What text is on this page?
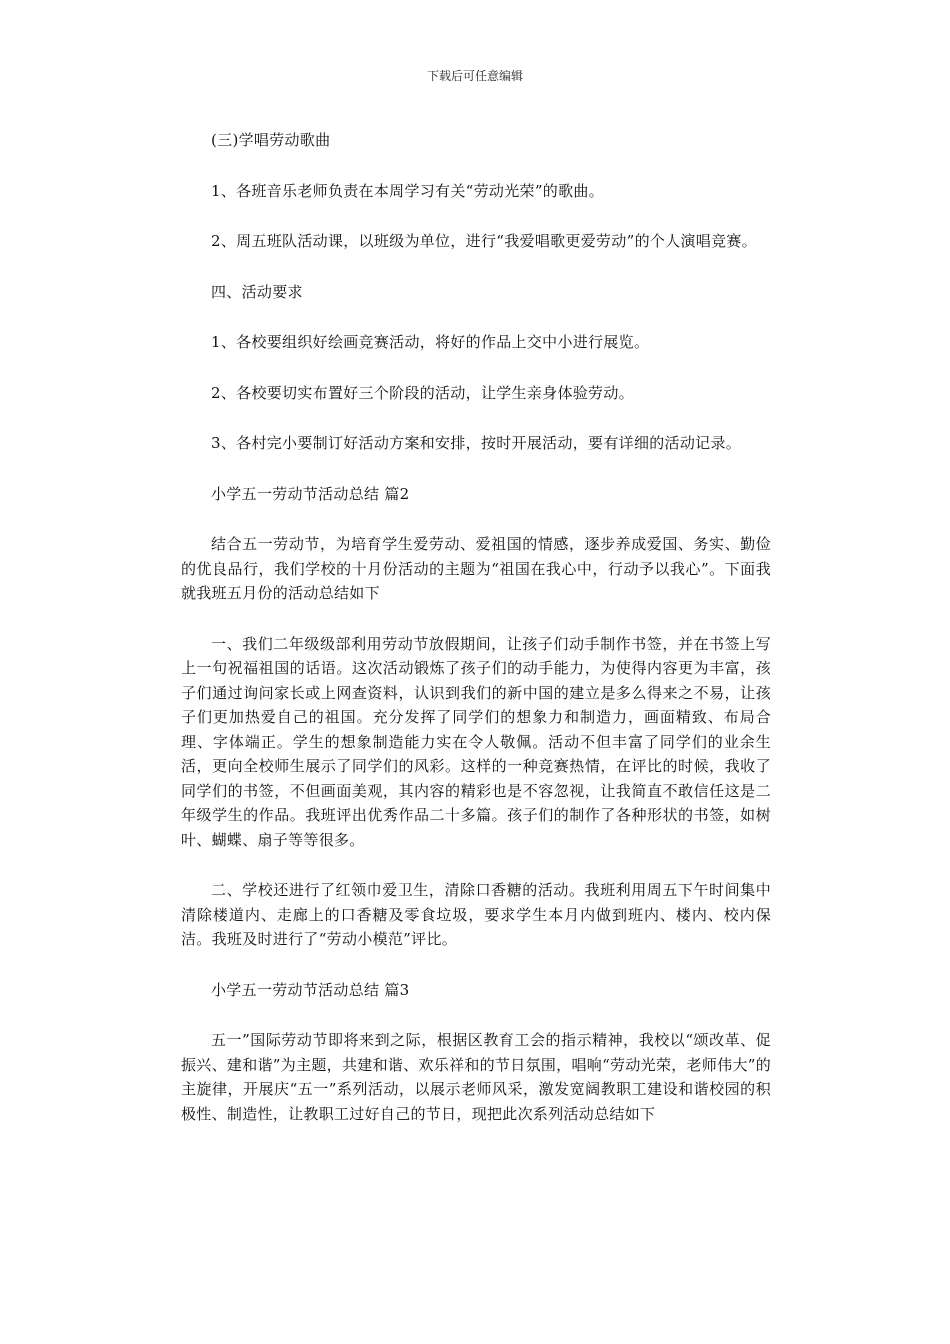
下载后可任意编辑

(三)学唱劳动歌曲

1、各班音乐老师负责在本周学习有关“劳动光荣”的歌曲。

2、周五班队活动课，以班级为单位，进行“我爱唱歌更爱劳动”的个人演唱竞赛。

四、活动要求

1、各校要组织好绘画竞赛活动，将好的作品上交中小进行展览。

2、各校要切实布置好三个阶段的活动，让学生亲身体验劳动。

3、各村完小要制订好活动方案和安排，按时开展活动，要有详细的活动记录。

小学五一劳动节活动总结 篇2

结合五一劳动节，为培育学生爱劳动、爱祖国的情感，逐步养成爱国、务实、勤俭的优良品行，我们学校的十月份活动的主题为“祖国在我心中，行动予以我心”。下面我就我班五月份的活动总结如下

一、我们二年级级部利用劳动节放假期间，让孩子们动手制作书签，并在书签上写上一句祝福祖国的话语。这次活动锻炼了孩子们的动手能力，为使得内容更为丰富，孩子们通过询问家长或上网查资料，认识到我们的新中国的建立是多么得来之不易，让孩子们更加热爱自己的祖国。充分发挥了同学们的想象力和制造力，画面精致、布局合理、字体端正。学生的想象制造能力实在令人敬佩。活动不但丰富了同学们的业余生活，更向全校师生展示了同学们的风彩。这样的一种竞赛热情，在评比的时候，我收了同学们的书签，不但画面美观，其内容的精彩也是不容忽视，让我简直不敢信任这是二年级学生的作品。我班评出优秀作品二十多篇。孩子们的制作了各种形状的书签，如树叶、蝴蝶、扇子等等很多。

二、学校还进行了红领巾爱卫生，清除口香糖的活动。我班利用周五下午时间集中清除楼道内、走廊上的口香糖及零食垃圾，要求学生本月内做到班内、楼内、校内保洁。我班及时进行了“劳动小模范”评比。

小学五一劳动节活动总结 篇3

五一”国际劳动节即将来到之际，根据区教育工会的指示精神，我校以“颂改革、促振兴、建和谐”为主题，共建和谐、欢乐祥和的节日氛围，唱响“劳动光荣，老师伟大”的主旋律，开展庆“五一”系列活动，以展示老师风采，激发宽阔教职工建设和谐校园的积极性、制造性，让教职工过好自己的节日，现把此次系列活动总结如下
